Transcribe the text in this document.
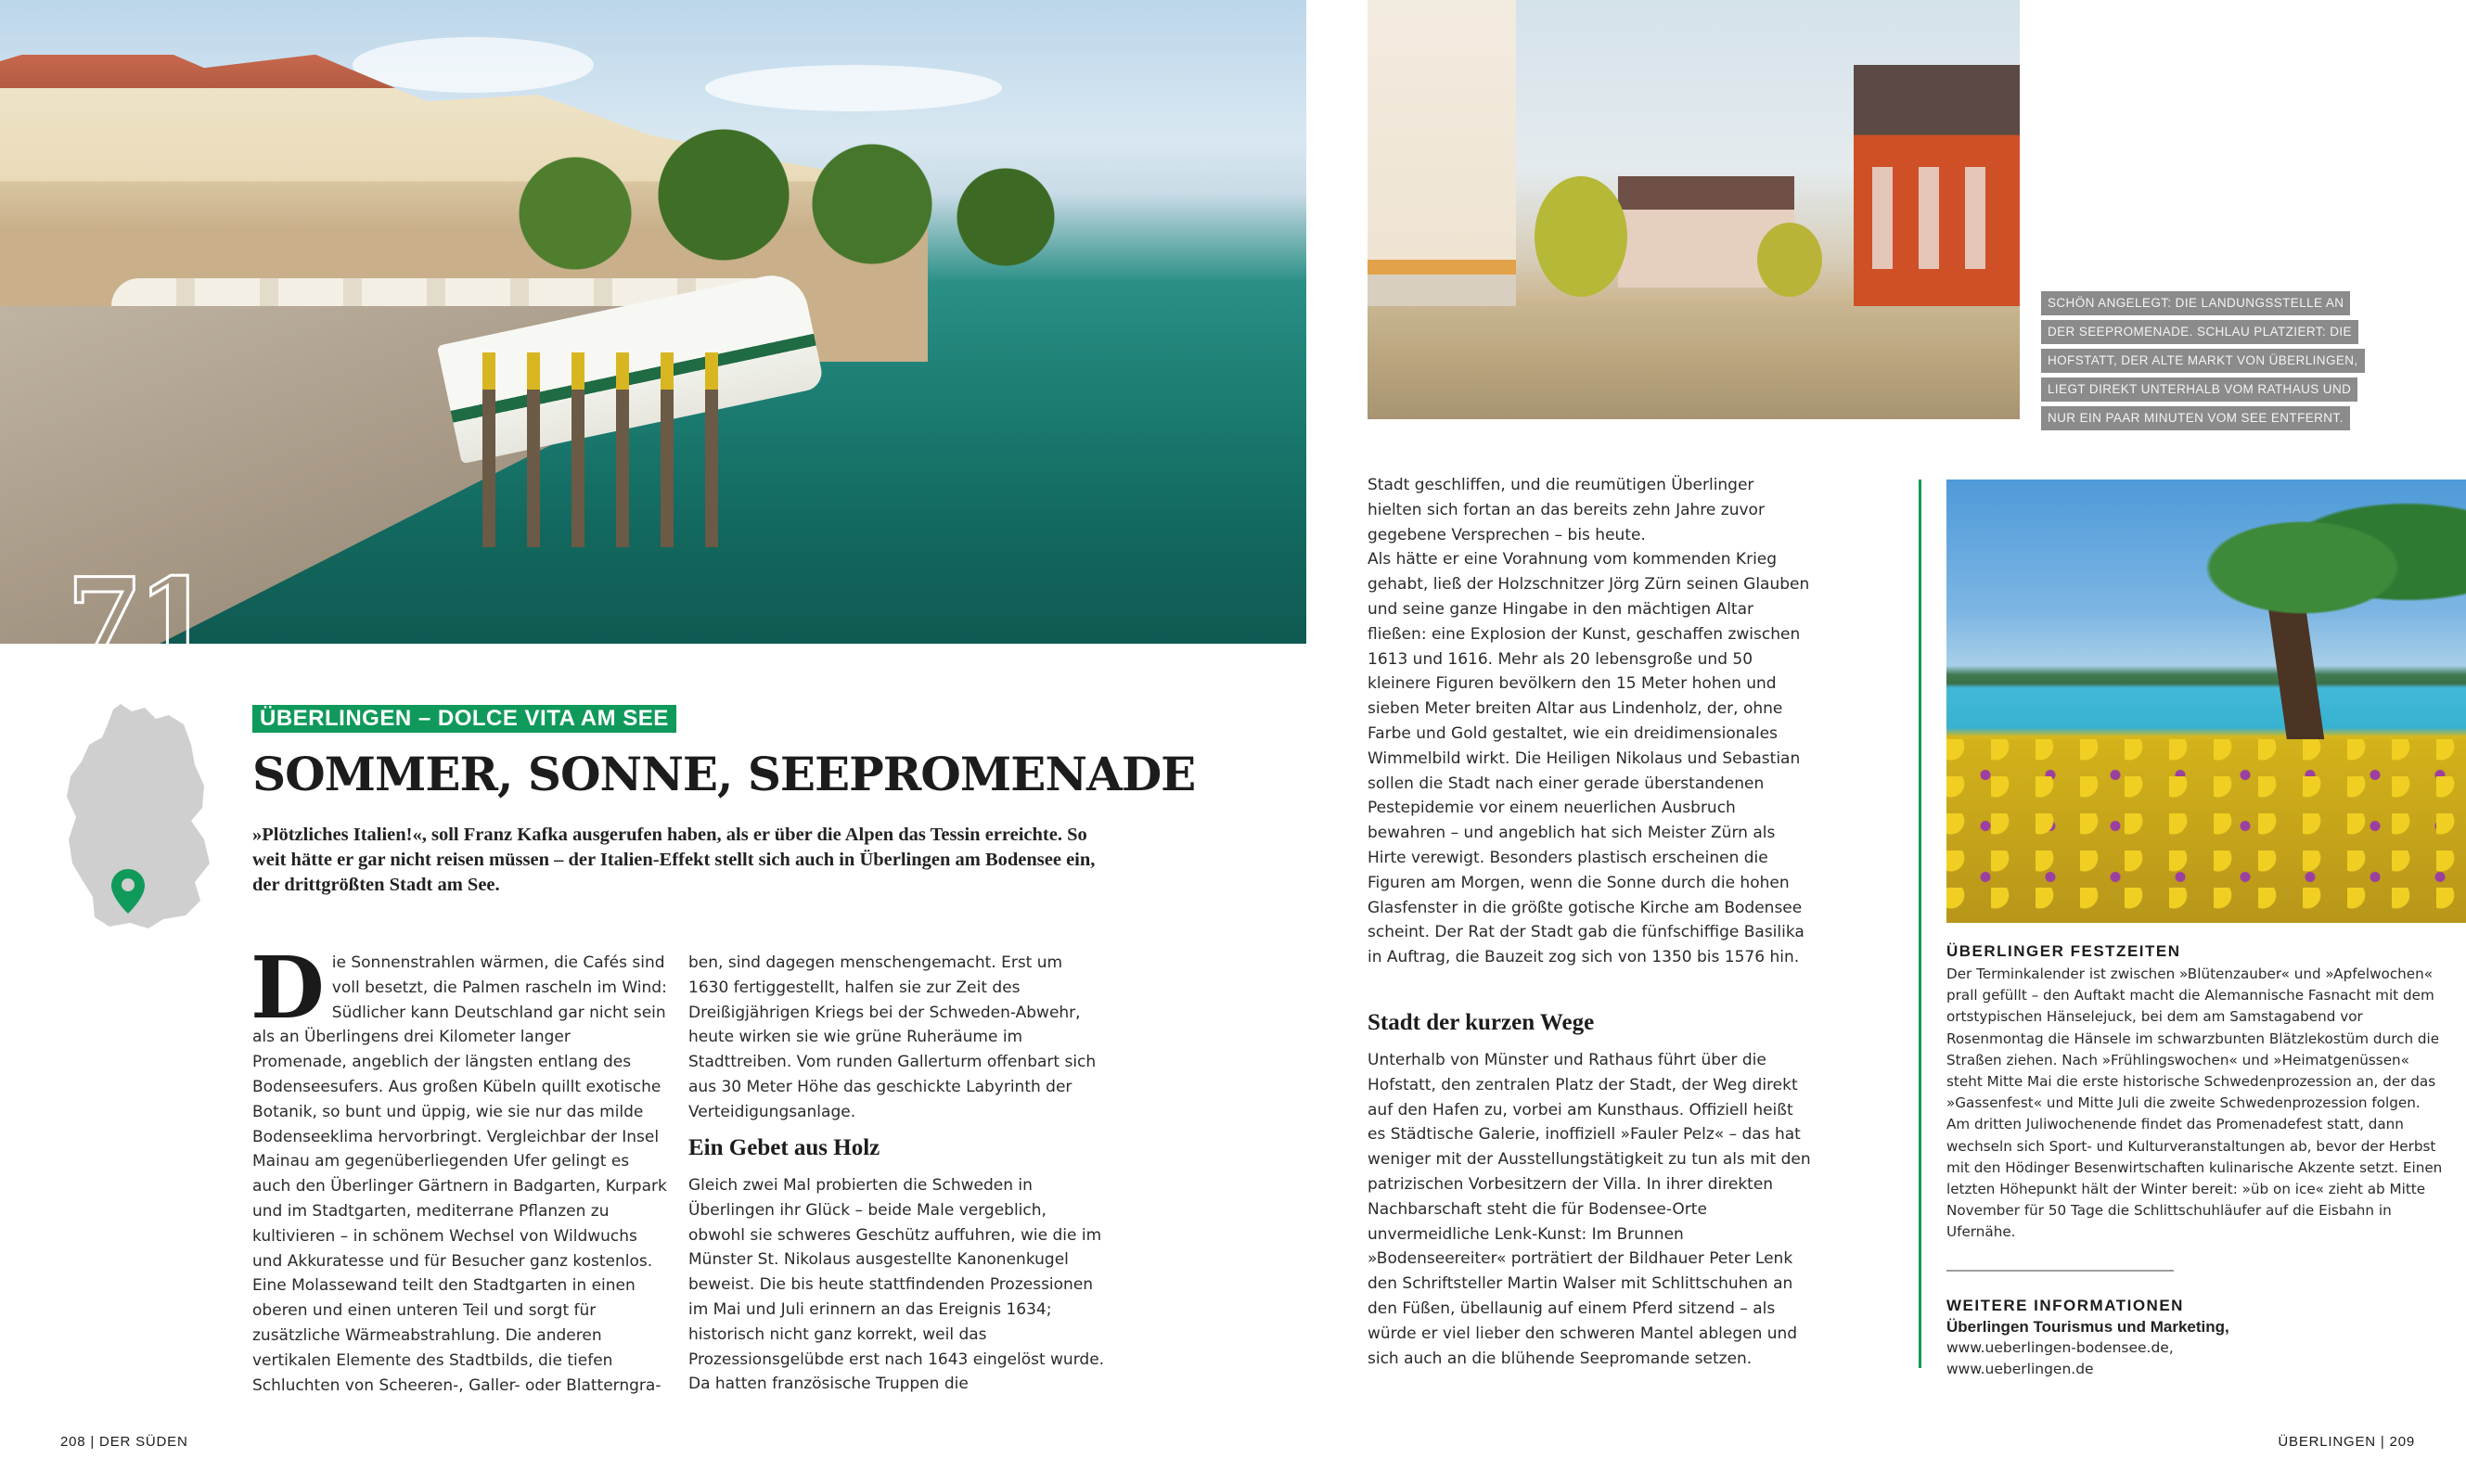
71
ÜBERLINGEN – DOLCE VITA AM SEE
SOMMER, SONNE, SEEPROMENADE

»Plötzliches Italien!«, soll Franz Kafka ausgerufen haben, als er über die Alpen das Tessin erreichte. So weit hätte er gar nicht reisen müssen – der Italien-Effekt stellt sich auch in Überlingen am Bodensee ein, der drittgrößten Stadt am See.

D ie Sonnenstrahlen wärmen, die Cafés sind voll besetzt, die Palmen rascheln im Wind: Südlicher kann Deutschland gar nicht sein als an Überlingens drei Kilometer langer Promenade, angeblich der längsten entlang des Bodenseesufers. Aus großen Kübeln quillt exotische Botanik, so bunt und üppig, wie sie nur das milde Bodenseeklima hervorbringt. Vergleichbar der Insel Mainau am gegenüberliegenden Ufer gelingt es auch den Überlinger Gärtnern in Badgarten, Kurpark und im Stadtgarten, mediterrane Pflanzen zu kultivieren – in schönem Wechsel von Wildwuchs und Akkuratesse und für Besucher ganz kostenlos. Eine Molassewand teilt den Stadtgarten in einen oberen und einen unteren Teil und sorgt für zusätzliche Wärmeabstrahlung. Die anderen vertikalen Elemente des Stadtbilds, die tiefen Schluchten von Scheeren-, Galler- oder Blatterngra-

ben, sind dagegen menschengemacht. Erst um 1630 fertiggestellt, halfen sie zur Zeit des Dreißigjährigen Kriegs bei der Schweden-Abwehr, heute wirken sie wie grüne Ruheräume im Stadttreiben. Vom runden Gallerturm offenbart sich aus 30 Meter Höhe das geschickte Labyrinth der Verteidigungsanlage.

Ein Gebet aus Holz

Gleich zwei Mal probierten die Schweden in Überlingen ihr Glück – beide Male vergeblich, obwohl sie schweres Geschütz auffuhren, wie die im Münster St. Nikolaus ausgestellte Kanonenkugel beweist. Die bis heute stattfindenden Prozessionen im Mai und Juli erinnern an das Ereignis 1634; historisch nicht ganz korrekt, weil das Prozessionsgelübde erst nach 1643 eingelöst wurde. Da hatten französische Truppen die

208 | DER SÜDEN
SCHÖN ANGELEGT: DIE LANDUNGSSTELLE AN
DER SEEPROMENADE. SCHLAU PLATZIERT: DIE
HOFSTATT, DER ALTE MARKT VON ÜBERLINGEN,
LIEGT DIREKT UNTERHALB VOM RATHAUS UND
NUR EIN PAAR MINUTEN VOM SEE ENTFERNT.

Stadt geschliffen, und die reumütigen Überlinger hielten sich fortan an das bereits zehn Jahre zuvor gegebene Versprechen – bis heute.

Als hätte er eine Vorahnung vom kommenden Krieg gehabt, ließ der Holzschnitzer Jörg Zürn seinen Glauben und seine ganze Hingabe in den mächtigen Altar fließen: eine Explosion der Kunst, geschaffen zwischen 1613 und 1616. Mehr als 20 lebensgroße und 50 kleinere Figuren bevölkern den 15 Meter hohen und sieben Meter breiten Altar aus Lindenholz, der, ohne Farbe und Gold gestaltet, wie ein dreidimensionales Wimmelbild wirkt. Die Heiligen Nikolaus und Sebastian sollen die Stadt nach einer gerade überstandenen Pestepidemie vor einem neuerlichen Ausbruch bewahren – und angeblich hat sich Meister Zürn als Hirte verewigt. Besonders plastisch erscheinen die Figuren am Morgen, wenn die Sonne durch die hohen Glasfenster in die größte gotische Kirche am Bodensee scheint. Der Rat der Stadt gab die fünfschiffige Basilika in Auftrag, die Bauzeit zog sich von 1350 bis 1576 hin.

Stadt der kurzen Wege

Unterhalb von Münster und Rathaus führt über die Hofstatt, den zentralen Platz der Stadt, der Weg direkt auf den Hafen zu, vorbei am Kunsthaus. Offiziell heißt es Städtische Galerie, inoffiziell »Fauler Pelz« – das hat weniger mit der Ausstellungstätigkeit zu tun als mit den patrizischen Vorbesitzern der Villa. In ihrer direkten Nachbarschaft steht die für Bodensee-Orte unvermeidliche Lenk-Kunst: Im Brunnen »Bodenseereiter« porträtiert der Bildhauer Peter Lenk den Schriftsteller Martin Walser mit Schlittschuhen an den Füßen, übellaunig auf einem Pferd sitzend – als würde er viel lieber den schweren Mantel ablegen und sich auch an die blühende Seepromande setzen.

ÜBERLINGER FESTZEITEN

Der Terminkalender ist zwischen »Blütenzauber« und »Apfelwochen« prall gefüllt – den Auftakt macht die Alemannische Fasnacht mit dem ortstypischen Hänselejuck, bei dem am Samstagabend vor Rosenmontag die Hänsele im schwarzbunten Blätzlekostüm durch die Straßen ziehen. Nach »Frühlingswochen« und »Heimatgenüssen« steht Mitte Mai die erste historische Schwedenprozession an, der das »Gassenfest« und Mitte Juli die zweite Schwedenprozession folgen. Am dritten Juliwochenende findet das Promenadefest statt, dann wechseln sich Sport- und Kulturveranstaltungen ab, bevor der Herbst mit den Hödinger Besenwirtschaften kulinarische Akzente setzt. Einen letzten Höhepunkt hält der Winter bereit: »üb on ice« zieht ab Mitte November für 50 Tage die Schlittschuhläufer auf die Eisbahn in Ufernähe.

WEITERE INFORMATIONEN
Überlingen Tourismus und Marketing,
www.ueberlingen-bodensee.de,
www.ueberlingen.de
ÜBERLINGEN | 209
